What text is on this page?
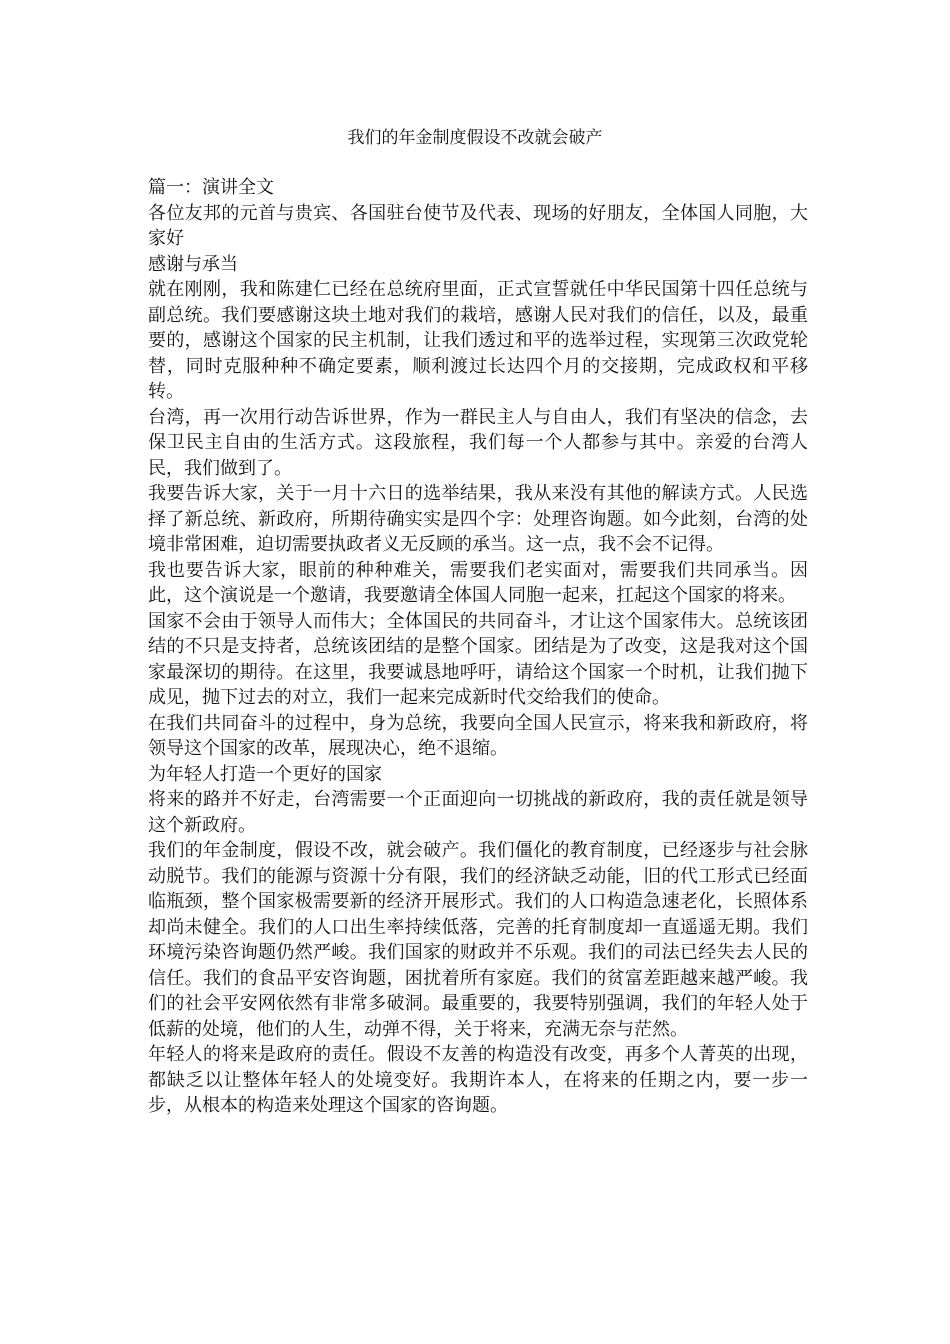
我们的年金制度假设不改就会破产

篇一：演讲全文

各位友邦的元首与贵宾、各国驻台使节及代表、现场的好朋友，全体国人同胞，大家好

感谢与承当

就在刚刚，我和陈建仁已经在总统府里面，正式宣誓就任中华民国第十四任总统与副总统。我们要感谢这块土地对我们的栽培，感谢人民对我们的信任，以及，最重要的，感谢这个国家的民主机制，让我们透过和平的选举过程，实现第三次政党轮替，同时克服种种不确定要素，顺利渡过长达四个月的交接期，完成政权和平移转。

台湾，再一次用行动告诉世界，作为一群民主人与自由人，我们有坚决的信念，去保卫民主自由的生活方式。这段旅程，我们每一个人都参与其中。亲爱的台湾人民，我们做到了。

我要告诉大家，关于一月十六日的选举结果，我从来没有其他的解读方式。人民选择了新总统、新政府，所期待确实实是四个字：处理咨询题。如今此刻，台湾的处境非常困难，迫切需要执政者义无反顾的承当。这一点，我不会不记得。

我也要告诉大家，眼前的种种难关，需要我们老实面对，需要我们共同承当。因此，这个演说是一个邀请，我要邀请全体国人同胞一起来，扛起这个国家的将来。

国家不会由于领导人而伟大；全体国民的共同奋斗，才让这个国家伟大。总统该团结的不只是支持者，总统该团结的是整个国家。团结是为了改变，这是我对这个国家最深切的期待。在这里，我要诚恳地呼吁，请给这个国家一个时机，让我们抛下成见，抛下过去的对立，我们一起来完成新时代交给我们的使命。

在我们共同奋斗的过程中，身为总统，我要向全国人民宣示，将来我和新政府，将领导这个国家的改革，展现决心，绝不退缩。

为年轻人打造一个更好的国家

将来的路并不好走，台湾需要一个正面迎向一切挑战的新政府，我的责任就是领导这个新政府。

我们的年金制度，假设不改，就会破产。我们僵化的教育制度，已经逐步与社会脉动脱节。我们的能源与资源十分有限，我们的经济缺乏动能，旧的代工形式已经面临瓶颈，整个国家极需要新的经济开展形式。我们的人口构造急速老化，长照体系却尚未健全。我们的人口出生率持续低落，完善的托育制度却一直遥遥无期。我们环境污染咨询题仍然严峻。我们国家的财政并不乐观。我们的司法已经失去人民的信任。我们的食品平安咨询题，困扰着所有家庭。我们的贫富差距越来越严峻。我们的社会平安网依然有非常多破洞。最重要的，我要特别强调，我们的年轻人处于低薪的处境，他们的人生，动弹不得，关于将来，充满无奈与茫然。

年轻人的将来是政府的责任。假设不友善的构造没有改变，再多个人菁英的出现，都缺乏以让整体年轻人的处境变好。我期许本人，在将来的任期之内，要一步一步，从根本的构造来处理这个国家的咨询题。
